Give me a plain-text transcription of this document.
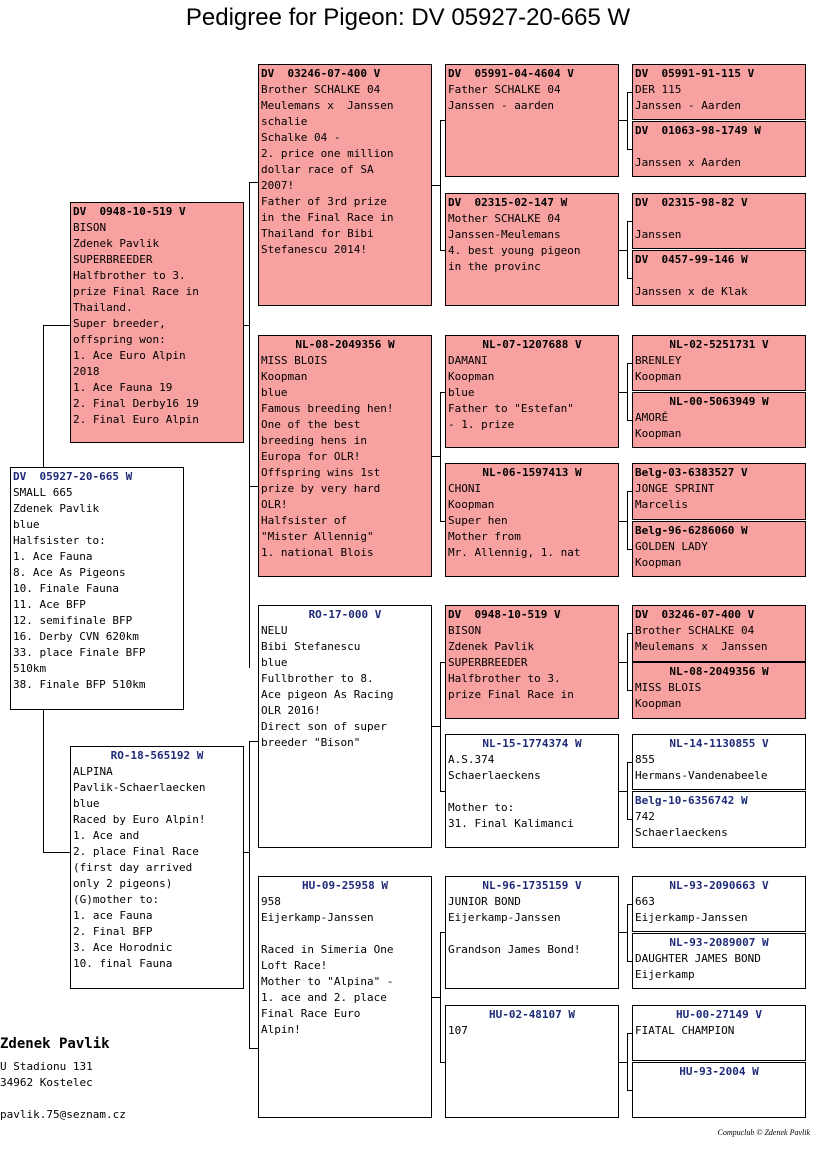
Pedigree for Pigeon: DV 05927-20-665 W
DV  05927-20-665 W
SMALL 665
Zdenek Pavlik
blue
Halfsister to:
1. Ace Fauna
8. Ace As Pigeons
10. Finale Fauna
11. Ace BFP
12. semifinale BFP
16. Derby CVN 620km
33. place Finale BFP
510km
38. Finale BFP 510km
DV  0948-10-519 V
BISON
Zdenek Pavlik
SUPERBREEDER
Halfbrother to 3.
prize Final Race in
Thailand.
Super breeder,
offspring won:
1. Ace Euro Alpin
2018
1. Ace Fauna 19
2. Final Derby16 19
2. Final Euro Alpin
RO-18-565192 W
ALPINA
Pavlik-Schaerlaecken
blue
Raced by Euro Alpin!
1. Ace and
2. place Final Race
(first day arrived
only 2 pigeons)
(G)mother to:
1. ace Fauna
2. Final BFP
3. Ace Horodnic
10. final Fauna
DV  03246-07-400 V
Brother SCHALKE 04
Meulemans x  Janssen
schalie
Schalke 04 -
2. price one million
dollar race of SA
2007!
Father of 3rd prize
in the Final Race in
Thailand for Bibi
Stefanescu 2014!
NL-08-2049356 W
MISS BLOIS
Koopman
blue
Famous breeding hen!
One of the best
breeding hens in
Europa for OLR!
Offspring wins 1st
prize by very hard
OLR!
Halfsister of
"Mister Allennig"
1. national Blois
RO-17-000 V
NELU
Bibi Stefanescu
blue
Fullbrother to 8.
Ace pigeon As Racing
OLR 2016!
Direct son of super
breeder "Bison"
HU-09-25958 W
958
Eijerkamp-Janssen

Raced in Simeria One
Loft Race!
Mother to "Alpina" -
1. ace and 2. place
Final Race Euro
Alpin!
DV  05991-04-4604 V
Father SCHALKE 04
Janssen - aarden
DV  02315-02-147 W
Mother SCHALKE 04
Janssen-Meulemans
4. best young pigeon
in the provinc
NL-07-1207688 V
DAMANI
Koopman
blue
Father to "Estefan"
- 1. prize
NL-06-1597413 W
CHONI
Koopman
Super hen
Mother from
Mr. Allennig, 1. nat
DV  0948-10-519 V
BISON
Zdenek Pavlik
SUPERBREEDER
Halfbrother to 3.
prize Final Race in
NL-15-1774374 W
A.S.374
Schaerlaeckens

Mother to:
31. Final Kalimanci
NL-96-1735159 V
JUNIOR BOND
Eijerkamp-Janssen

Grandson James Bond!
HU-02-48107 W
107
DV  05991-91-115 V
DER 115
Janssen - Aarden
DV  01063-98-1749 W

Janssen x Aarden
DV  02315-98-82 V

Janssen
DV  0457-99-146 W

Janssen x de Klak
NL-02-5251731 V
BRENLEY
Koopman
NL-00-5063949 W
AMORÉ
Koopman
Belg-03-6383527 V
JONGE SPRINT
Marcelis
Belg-96-6286060 W
GOLDEN LADY
Koopman
DV  03246-07-400 V
Brother SCHALKE 04
Meulemans x  Janssen
NL-08-2049356 W
MISS BLOIS
Koopman
NL-14-1130855 V
855
Hermans-Vandenabeele
Belg-10-6356742 W
742
Schaerlaeckens
NL-93-2090663 V
663
Eijerkamp-Janssen
NL-93-2089007 W
DAUGHTER JAMES BOND
Eijerkamp
HU-00-27149 V
FIATAL CHAMPION
HU-93-2004 W
Zdenek Pavlik
U Stadionu 131
34962 Kostelec
pavlik.75@seznam.cz
Compuclub © Zdenek Pavlik
